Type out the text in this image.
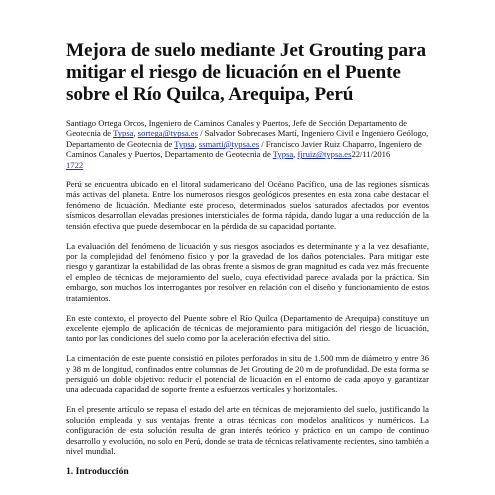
Mejora de suelo mediante Jet Grouting para mitigar el riesgo de licuación en el Puente sobre el Río Quilca, Arequipa, Perú

Santiago Ortega Orcos, Ingeniero de Caminos Canales y Puertos, Jefe de Sección Departamento de Geotecnia de Typsa, sortega@typsa.es / Salvador Sobrecases Martí, Ingeniero Civil e Ingeniero Geólogo, Departamento de Geotecnia de Typsa, ssmarti@typsa.es / Francisco Javier Ruiz Chaparro, Ingeniero de Caminos Canales y Puertos, Departamento de Geotecnia de Typsa, fjruiz@typsa.es22/11/2016
1722

Perú se encuentra ubicado en el litoral sudamericano del Océano Pacífico, una de las regiones sísmicas más activas del planeta. Entre los numerosos riesgos geológicos presentes en esta zona cabe destacar el fenómeno de licuación. Mediante este proceso, determinados suelos saturados afectados por eventos sísmicos desarrollan elevadas presiones intersticiales de forma rápida, dando lugar a una reducción de la tensión efectiva que puede desembocar en la pérdida de su capacidad portante.

La evaluación del fenómeno de licuación y sus riesgos asociados es determinante y a la vez desafiante, por la complejidad del fenómeno físico y por la gravedad de los daños potenciales. Para mitigar este riesgo y garantizar la estabilidad de las obras frente a sismos de gran magnitud es cada vez más frecuente el empleo de técnicas de mejoramiento del suelo, cuya efectividad parece avalada por la práctica. Sin embargo, son muchos los interrogantes por resolver en relación con el diseño y funcionamiento de estos tratamientos.

En este contexto, el proyecto del Puente sobre el Río Quilca (Departamento de Arequipa) constituye un excelente ejemplo de aplicación de técnicas de mejoramiento para mitigación del riesgo de licuación, tanto por las condiciones del suelo como por la aceleración efectiva del sitio.

La cimentación de este puente consistió en pilotes perforados in situ de 1.500 mm de diámetro y entre 36 y 38 m de longitud, confinados entre columnas de Jet Grouting de 20 m de profundidad. De esta forma se persiguió un doble objetivo: reducir el potencial de licuación en el entorno de cada apoyo y garantizar una adecuada capacidad de soporte frente a esfuerzos verticales y horizontales.

En el presente artículo se repasa el estado del arte en técnicas de mejoramiento del suelo, justificando la solución empleada y sus ventajas frente a otras técnicas con modelos analíticos y numéricos. La configuración de esta solución resulta de gran interés teórico y práctico en un campo de continuo desarrollo y evolución, no solo en Perú, donde se trata de técnicas relativamente recientes, sino también a nivel mundial.

1. Introducción
